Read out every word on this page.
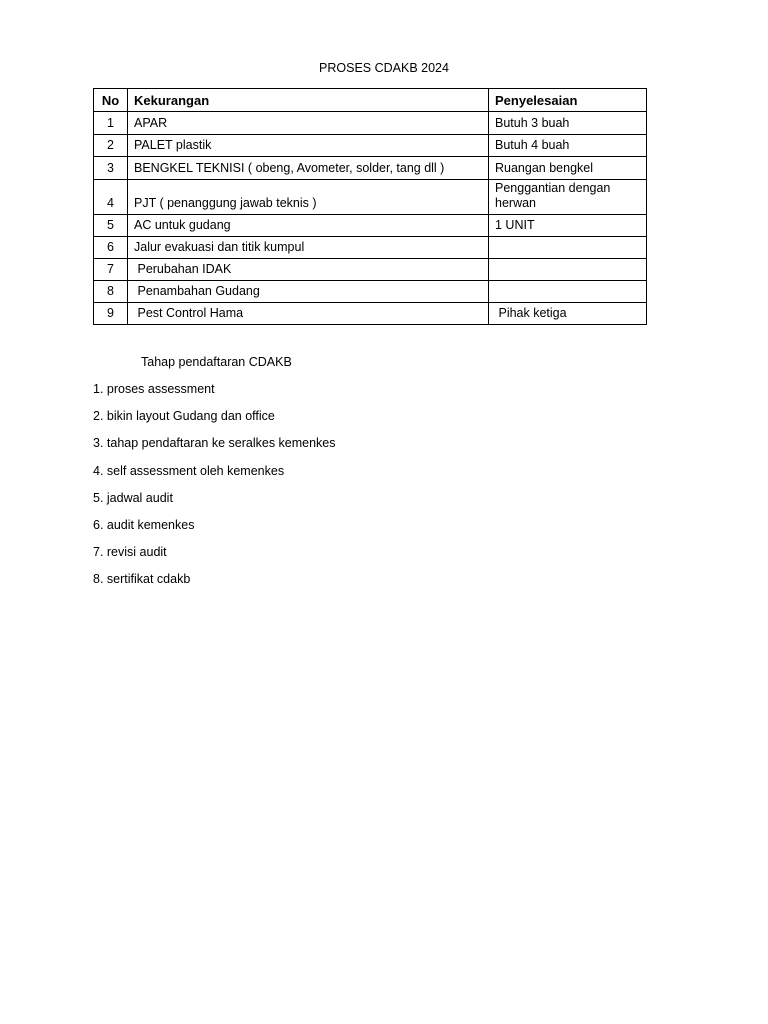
PROSES CDAKB 2024
No	Kekurangan	Penyelesaian
1	APAR	Butuh 3 buah
2	PALET plastik	Butuh 4 buah
3	BENGKEL TEKNISI ( obeng, Avometer, solder, tang dll )	Ruangan bengkel
4	PJT ( penanggung jawab teknis )	Penggantian dengan herwan
5	AC untuk gudang	1 UNIT
6	Jalur evakuasi dan titik kumpul	
7	Perubahan IDAK	
8	Penambahan Gudang	
9	Pest Control Hama	Pihak ketiga
Tahap pendaftaran CDAKB
1. proses assessment
2. bikin layout Gudang dan office
3. tahap pendaftaran ke seralkes kemenkes
4. self assessment oleh kemenkes
5. jadwal audit
6. audit kemenkes
7. revisi audit
8. sertifikat cdakb
